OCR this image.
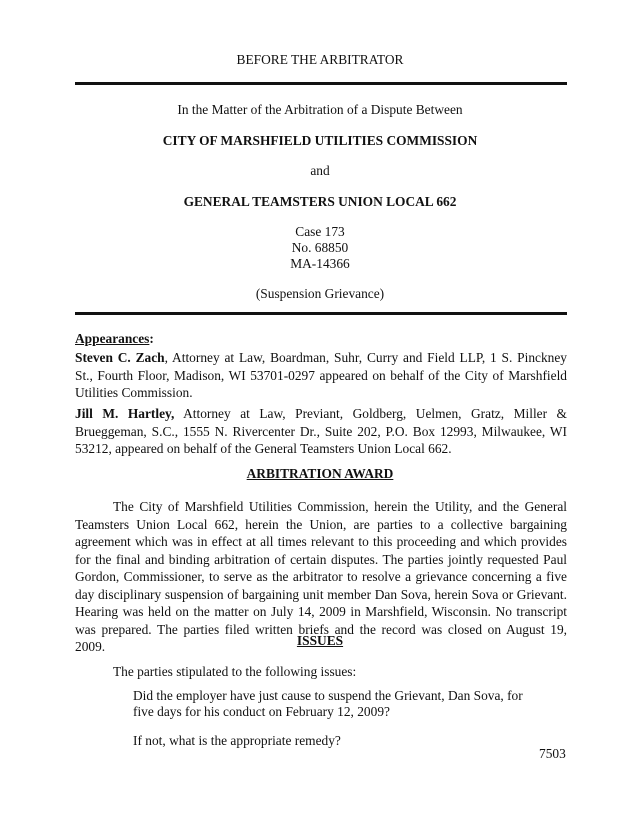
BEFORE THE ARBITRATOR
In the Matter of the Arbitration of a Dispute Between
CITY OF MARSHFIELD UTILITIES COMMISSION
and
GENERAL TEAMSTERS UNION LOCAL 662
Case 173
No. 68850
MA-14366
(Suspension Grievance)
Appearances:
Steven C. Zach, Attorney at Law, Boardman, Suhr, Curry and Field LLP, 1 S. Pinckney St., Fourth Floor, Madison, WI 53701-0297 appeared on behalf of the City of Marshfield Utilities Commission.
Jill M. Hartley, Attorney at Law, Previant, Goldberg, Uelmen, Gratz, Miller & Brueggeman, S.C., 1555 N. Rivercenter Dr., Suite 202, P.O. Box 12993, Milwaukee, WI 53212, appeared on behalf of the General Teamsters Union Local 662.
ARBITRATION AWARD
The City of Marshfield Utilities Commission, herein the Utility, and the General Teamsters Union Local 662, herein the Union, are parties to a collective bargaining agreement which was in effect at all times relevant to this proceeding and which provides for the final and binding arbitration of certain disputes. The parties jointly requested Paul Gordon, Commissioner, to serve as the arbitrator to resolve a grievance concerning a five day disciplinary suspension of bargaining unit member Dan Sova, herein Sova or Grievant. Hearing was held on the matter on July 14, 2009 in Marshfield, Wisconsin. No transcript was prepared. The parties filed written briefs and the record was closed on August 19, 2009.	ISSUES
The parties stipulated to the following issues:
Did the employer have just cause to suspend the Grievant, Dan Sova, for
five days for his conduct on February 12, 2009?
If not, what is the appropriate remedy?
7503
